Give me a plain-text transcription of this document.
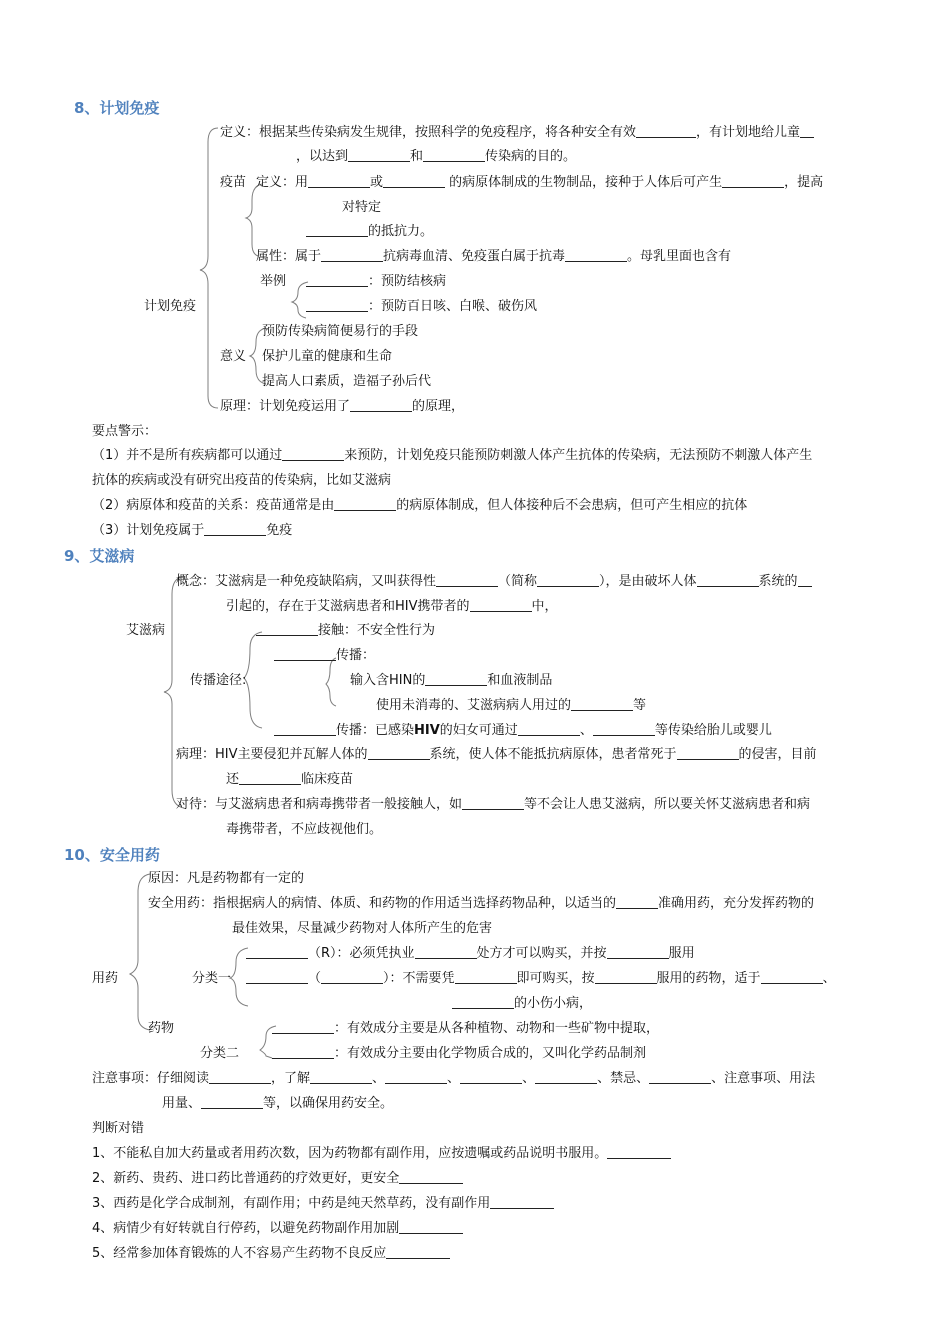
8、计划免疫
定义：根据某些传染病发生规律，按照科学的免疫程序，将各种安全有效	，有计划地给儿童
，以达到	和	传染病的目的。
疫苗 定义：用	或	的病原体制成的生物制品，接种于人体后可产生	，提高
对特定
的抵抗力。
属性：属于	抗病毒血清、免疫蛋白属于抗毒	。母乳里面也含有
计划免疫
举例	：预防结核病
：预防百日咳、白喉、破伤风
预防传染病简便易行的手段
意义 保护儿童的健康和生命
提高人口素质，造福子孙后代
原理：计划免疫运用了	的原理，
要点警示：
（1）并不是所有疾病都可以通过	来预防，计划免疫只能预防刺激人体产生抗体的传染病，无法预防不刺激人体产生
抗体的疾病或没有研究出疫苗的传染病，比如艾滋病
（2）病原体和疫苗的关系：疫苗通常是由	的病原体制成，但人体接种后不会患病，但可产生相应的抗体
（3）计划免疫属于	免疫
9、艾滋病
概念：艾滋病是一种免疫缺陷病，又叫获得性	（简称	），是由破坏人体	系统的
引起的，存在于艾滋病患者和HIV携带者的	中，
艾滋病	接触：不安全性行为
传播：
传播途径:	输入含HIN的	和血液制品
使用未消毒的、艾滋病病人用过的	等
传播：已感染HIV的妇女可通过	、	等传染给胎儿或婴儿
病理：HIV主要侵犯并瓦解人体的	系统，使人体不能抵抗病原体，患者常死于	的侵害，目前
还	临床疫苗
对待：与艾滋病患者和病毒携带者一般接触人，如	等不会让人患艾滋病，所以要关怀艾滋病患者和病
毒携带者，不应歧视他们。
10、安全用药
原因：凡是药物都有一定的
安全用药：指根据病人的病情、体质、和药物的作用适当选择药物品种，以适当的	准确用药，充分发挥药物的
最佳效果，尽量减少药物对人体所产生的危害
（R）：必须凭执业	处方才可以购买，并按	服用
用药	分类一	（	）：不需要凭	即可购买，按	服用的药物，适于	、
的小伤小病，
药物	：有效成分主要是从各种植物、动物和一些矿物中提取，
分类二	：有效成分主要由化学物质合成的，又叫化学药品制剂
注意事项：仔细阅读	，了解	、	、	、	、禁忌、	、注意事项、用法
用量、	等，以确保用药安全。
判断对错
1、不能私自加大药量或者用药次数，因为药物都有副作用，应按遗嘱或药品说明书服用。
2、新药、贵药、进口药比普通药的疗效更好，更安全
3、西药是化学合成制剂，有副作用；中药是纯天然草药，没有副作用
4、病情少有好转就自行停药，以避免药物副作用加剧
5、经常参加体育锻炼的人不容易产生药物不良反应
